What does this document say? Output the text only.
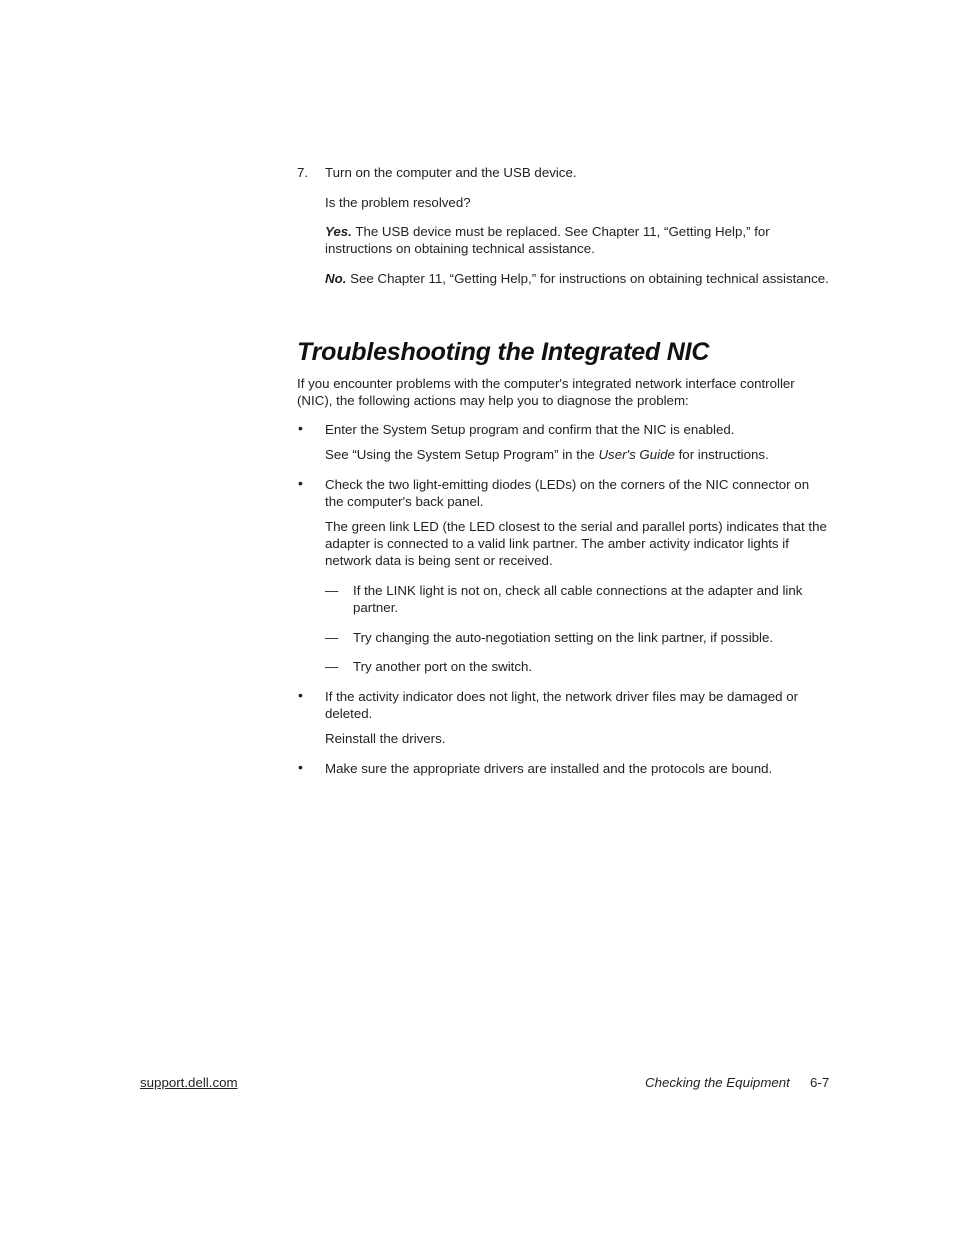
7. Turn on the computer and the USB device.

Is the problem resolved?

Yes. The USB device must be replaced. See Chapter 11, “Getting Help,” for instructions on obtaining technical assistance.

No. See Chapter 11, “Getting Help,” for instructions on obtaining technical assistance.

Troubleshooting the Integrated NIC

If you encounter problems with the computer's integrated network interface controller (NIC), the following actions may help you to diagnose the problem:

• Enter the System Setup program and confirm that the NIC is enabled.

See “Using the System Setup Program” in the User's Guide for instructions.

• Check the two light-emitting diodes (LEDs) on the corners of the NIC connector on the computer's back panel.

The green link LED (the LED closest to the serial and parallel ports) indicates that the adapter is connected to a valid link partner. The amber activity indicator lights if network data is being sent or received.

— If the LINK light is not on, check all cable connections at the adapter and link partner.

— Try changing the auto-negotiation setting on the link partner, if possible.

— Try another port on the switch.

• If the activity indicator does not light, the network driver files may be damaged or deleted.

Reinstall the drivers.

• Make sure the appropriate drivers are installed and the protocols are bound.

support.dell.com	Checking the Equipment 6-7
